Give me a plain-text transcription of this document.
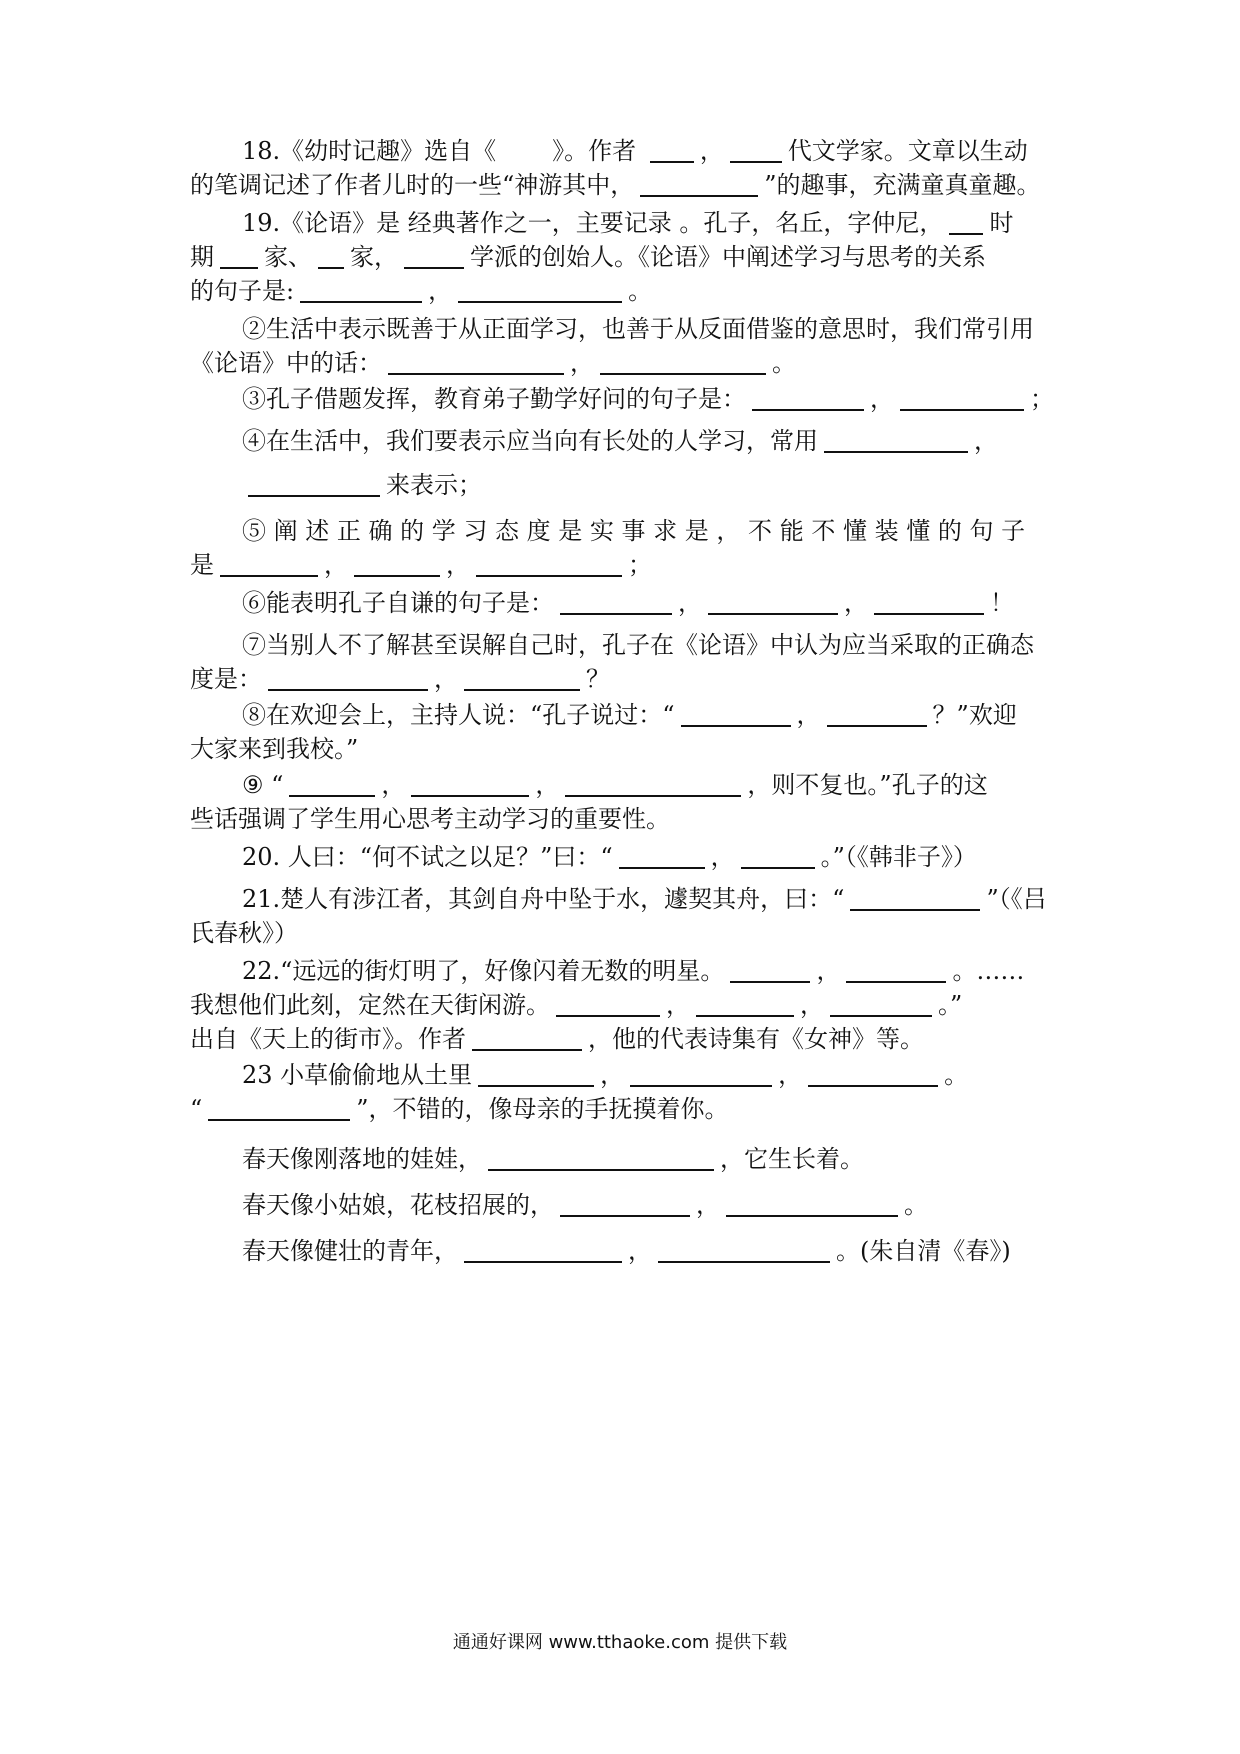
18.《幼时记趣》选自《 》。作者	，	代文学家。文章以生动
的笔调记述了作者儿时的一些“神游其中，	”的趣事，充满童真童趣。
19.《论语》是 经典著作之一，主要记录 。孔子，名丘，字仲尼， 时
期 家、 家，	学派的创始人。《论语》中阐述学习与思考的关系
的句子是:	，	。
②生活中表示既善于从正面学习，也善于从反面借鉴的意思时，我们常引用
《论语》中的话：	，	。
③孔子借题发挥，教育弟子勤学好问的句子是：	，	；
④在生活中，我们要表示应当向有长处的人学习，常用	，
来表示；
⑤ 阐 述 正 确 的 学 习 态 度 是 实 事 求 是 ， 不 能 不 懂 装 懂 的 句 子
是	，	，	；
⑥能表明孔子自谦的句子是：	，	，	！
⑦当别人不了解甚至误解自己时，孔子在《论语》中认为应当采取的正确态
度是：	，	？
⑧在欢迎会上，主持人说：“孔子说过：“	，	？”欢迎
大家来到我校。”
⑨ “	，	，	，则不复也。”孔子的这
些话强调了学生用心思考主动学习的重要性。
20. 人曰：“何不试之以足？”曰：“	，	。”（《韩非子》）
21.楚人有涉江者，其剑自舟中坠于水，遽契其舟，曰：“	”（《吕
氏春秋》）
22.“远远的街灯明了，好像闪着无数的明星。	，	。……
我想他们此刻，定然在天街闲游。	，	，	。”
出自《天上的街市》。作者	，他的代表诗集有《女神》等。
23 小草偷偷地从土里	，	，	。
“	”，不错的，像母亲的手抚摸着你。
春天像刚落地的娃娃，	，它生长着。
春天像小姑娘，花枝招展的，	，	。
春天像健壮的青年，	，	。(朱自清《春》)
通通好课网 www.tthaoke.com 提供下载
